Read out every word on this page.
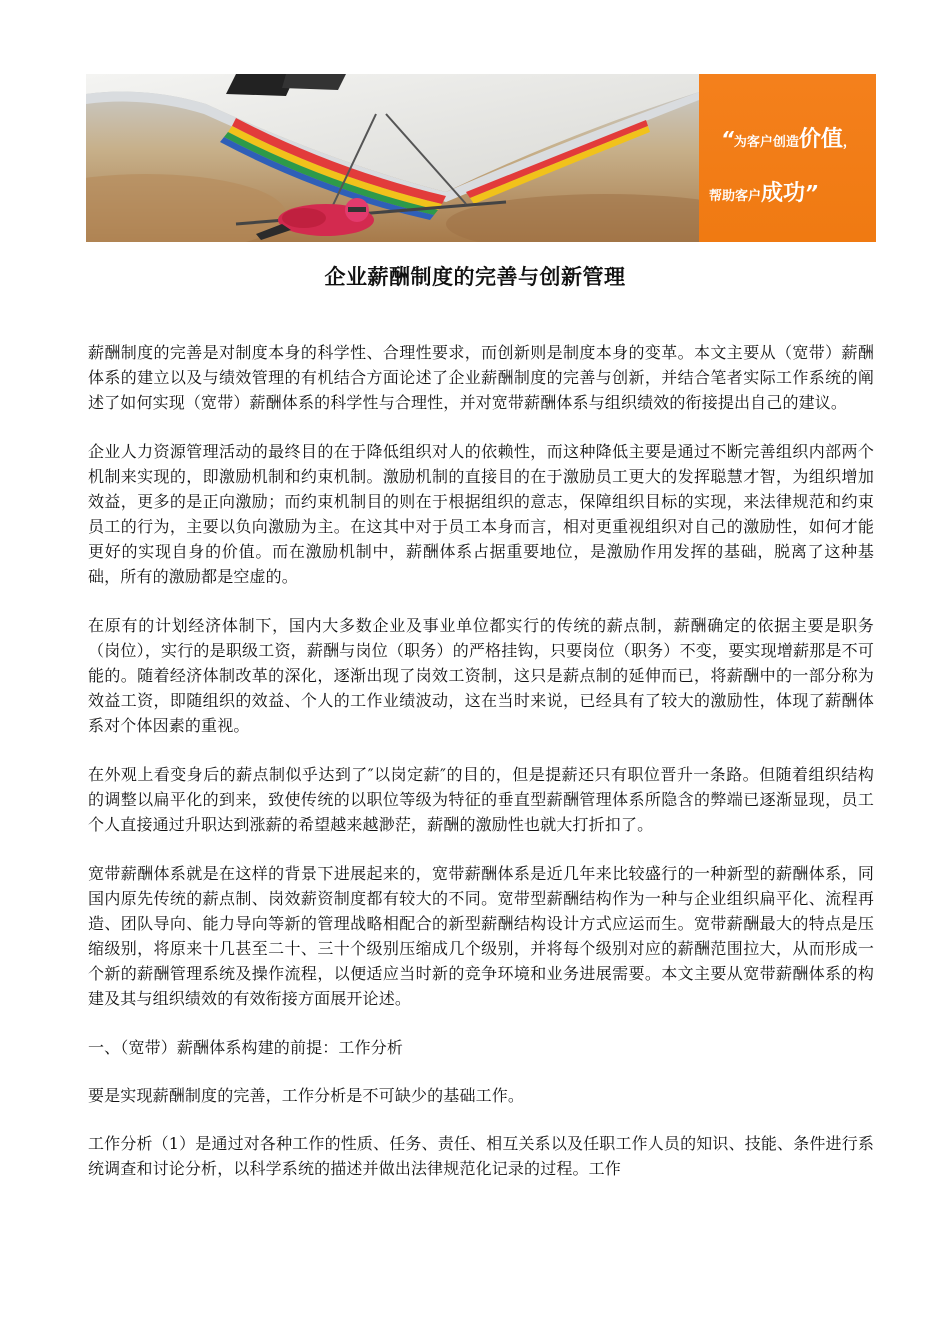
“为客户创造价值，
帮助客户成功”
企业薪酬制度的完善与创新管理

薪酬制度的完善是对制度本身的科学性、合理性要求，而创新则是制度本身的变革。本文主要从（宽带）薪酬体系的建立以及与绩效管理的有机结合方面论述了企业薪酬制度的完善与创新，并结合笔者实际工作系统的阐述了如何实现（宽带）薪酬体系的科学性与合理性，并对宽带薪酬体系与组织绩效的衔接提出自己的建议。

企业人力资源管理活动的最终目的在于降低组织对人的依赖性，而这种降低主要是通过不断完善组织内部两个机制来实现的，即激励机制和约束机制。激励机制的直接目的在于激励员工更大的发挥聪慧才智，为组织增加效益，更多的是正向激励；而约束机制目的则在于根据组织的意志，保障组织目标的实现，来法律规范和约束员工的行为，主要以负向激励为主。在这其中对于员工本身而言，相对更重视组织对自己的激励性，如何才能更好的实现自身的价值。而在激励机制中，薪酬体系占据重要地位，是激励作用发挥的基础，脱离了这种基础，所有的激励都是空虚的。

在原有的计划经济体制下，国内大多数企业及事业单位都实行的传统的薪点制，薪酬确定的依据主要是职务（岗位），实行的是职级工资，薪酬与岗位（职务）的严格挂钩，只要岗位（职务）不变，要实现增薪那是不可能的。随着经济体制改革的深化，逐渐出现了岗效工资制，这只是薪点制的延伸而已，将薪酬中的一部分称为效益工资，即随组织的效益、个人的工作业绩波动，这在当时来说，已经具有了较大的激励性，体现了薪酬体系对个体因素的重视。

在外观上看变身后的薪点制似乎达到了″以岗定薪″的目的，但是提薪还只有职位晋升一条路。但随着组织结构的调整以扁平化的到来，致使传统的以职位等级为特征的垂直型薪酬管理体系所隐含的弊端已逐渐显现，员工个人直接通过升职达到涨薪的希望越来越渺茫，薪酬的激励性也就大打折扣了。

宽带薪酬体系就是在这样的背景下进展起来的，宽带薪酬体系是近几年来比较盛行的一种新型的薪酬体系，同国内原先传统的薪点制、岗效薪资制度都有较大的不同。宽带型薪酬结构作为一种与企业组织扁平化、流程再造、团队导向、能力导向等新的管理战略相配合的新型薪酬结构设计方式应运而生。宽带薪酬最大的特点是压缩级别，将原来十几甚至二十、三十个级别压缩成几个级别，并将每个级别对应的薪酬范围拉大，从而形成一个新的薪酬管理系统及操作流程，以便适应当时新的竞争环境和业务进展需要。本文主要从宽带薪酬体系的构建及其与组织绩效的有效衔接方面展开论述。

一、（宽带）薪酬体系构建的前提：工作分析

要是实现薪酬制度的完善，工作分析是不可缺少的基础工作。

工作分析（1）是通过对各种工作的性质、任务、责任、相互关系以及任职工作人员的知识、技能、条件进行系统调查和讨论分析，以科学系统的描述并做出法律规范化记录的过程。工作
